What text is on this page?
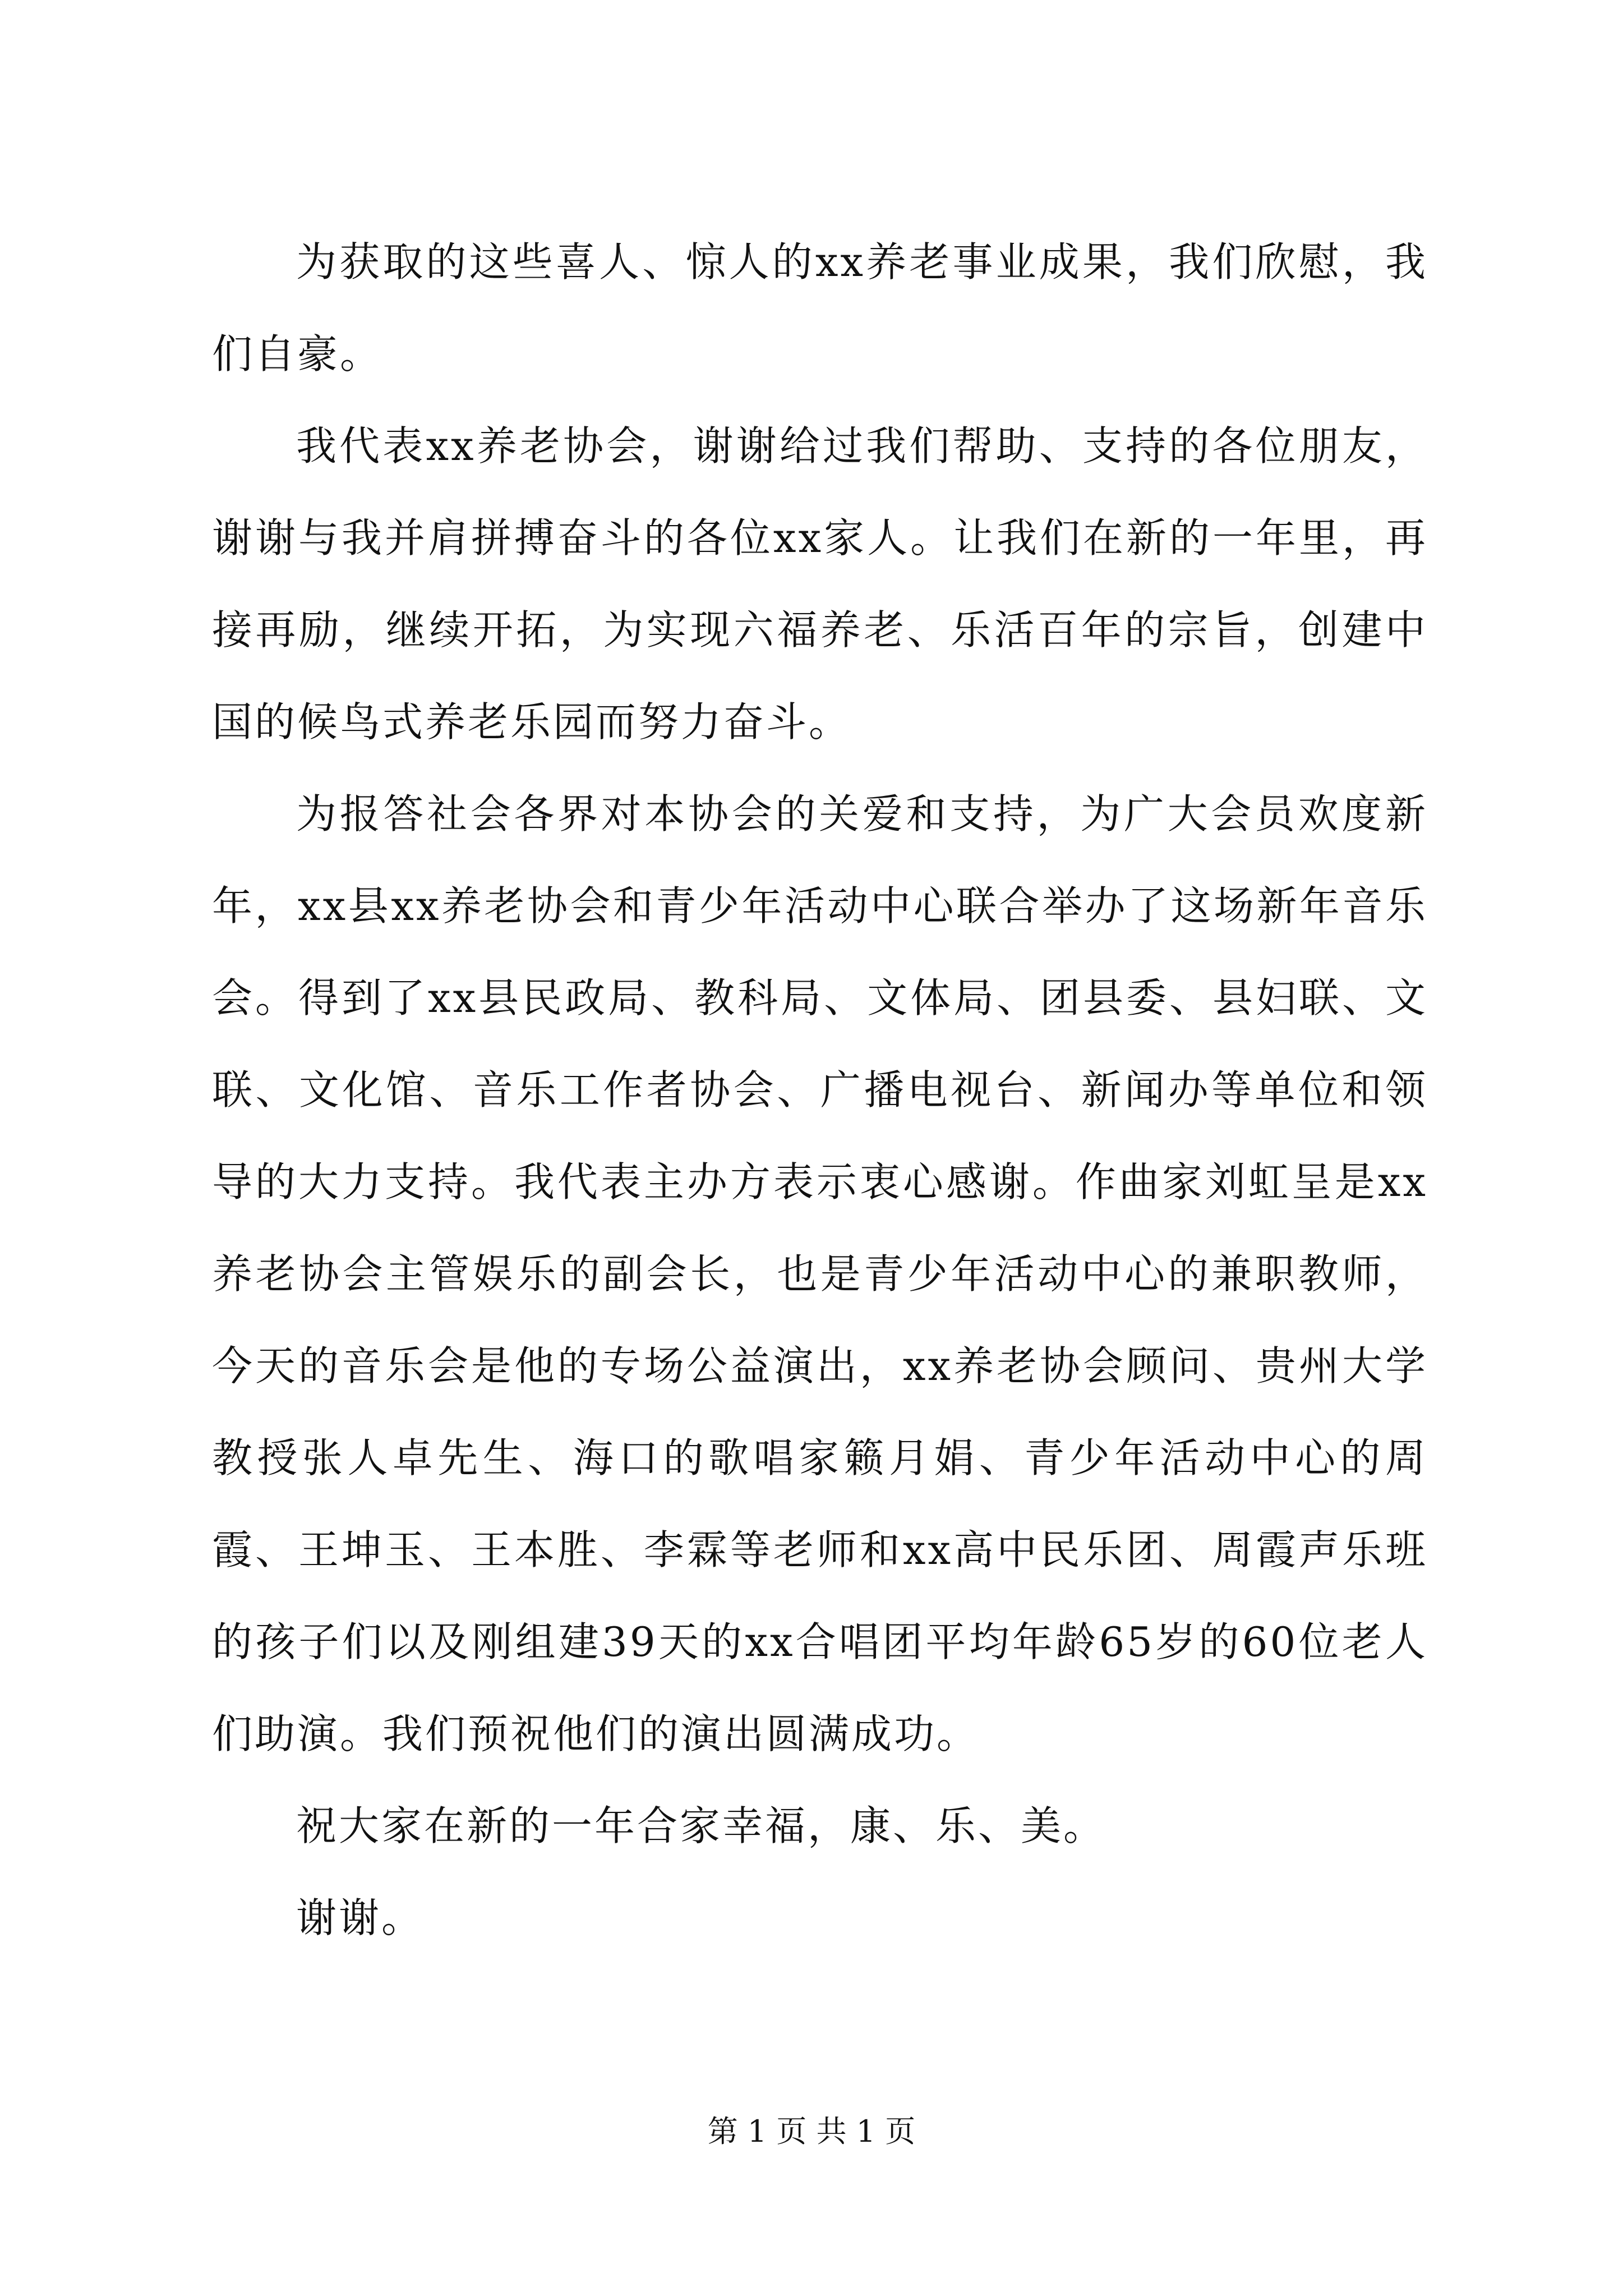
为获取的这些喜人、惊人的xx养老事业成果，我们欣慰，我们自豪。

我代表xx养老协会，谢谢给过我们帮助、支持的各位朋友，谢谢与我并肩拼搏奋斗的各位xx家人。让我们在新的一年里，再接再励，继续开拓，为实现六福养老、乐活百年的宗旨，创建中国的候鸟式养老乐园而努力奋斗。

为报答社会各界对本协会的关爱和支持，为广大会员欢度新年，xx县xx养老协会和青少年活动中心联合举办了这场新年音乐会。得到了xx县民政局、教科局、文体局、团县委、县妇联、文联、文化馆、音乐工作者协会、广播电视台、新闻办等单位和领导的大力支持。我代表主办方表示衷心感谢。作曲家刘虹呈是xx养老协会主管娱乐的副会长，也是青少年活动中心的兼职教师，今天的音乐会是他的专场公益演出，xx养老协会顾问、贵州大学教授张人卓先生、海口的歌唱家籁月娟、青少年活动中心的周霞、王坤玉、王本胜、李霖等老师和xx高中民乐团、周霞声乐班的孩子们以及刚组建39天的xx合唱团平均年龄65岁的60位老人们助演。我们预祝他们的演出圆满成功。

祝大家在新的一年合家幸福，康、乐、美。

谢谢。

第 1 页 共 1 页
